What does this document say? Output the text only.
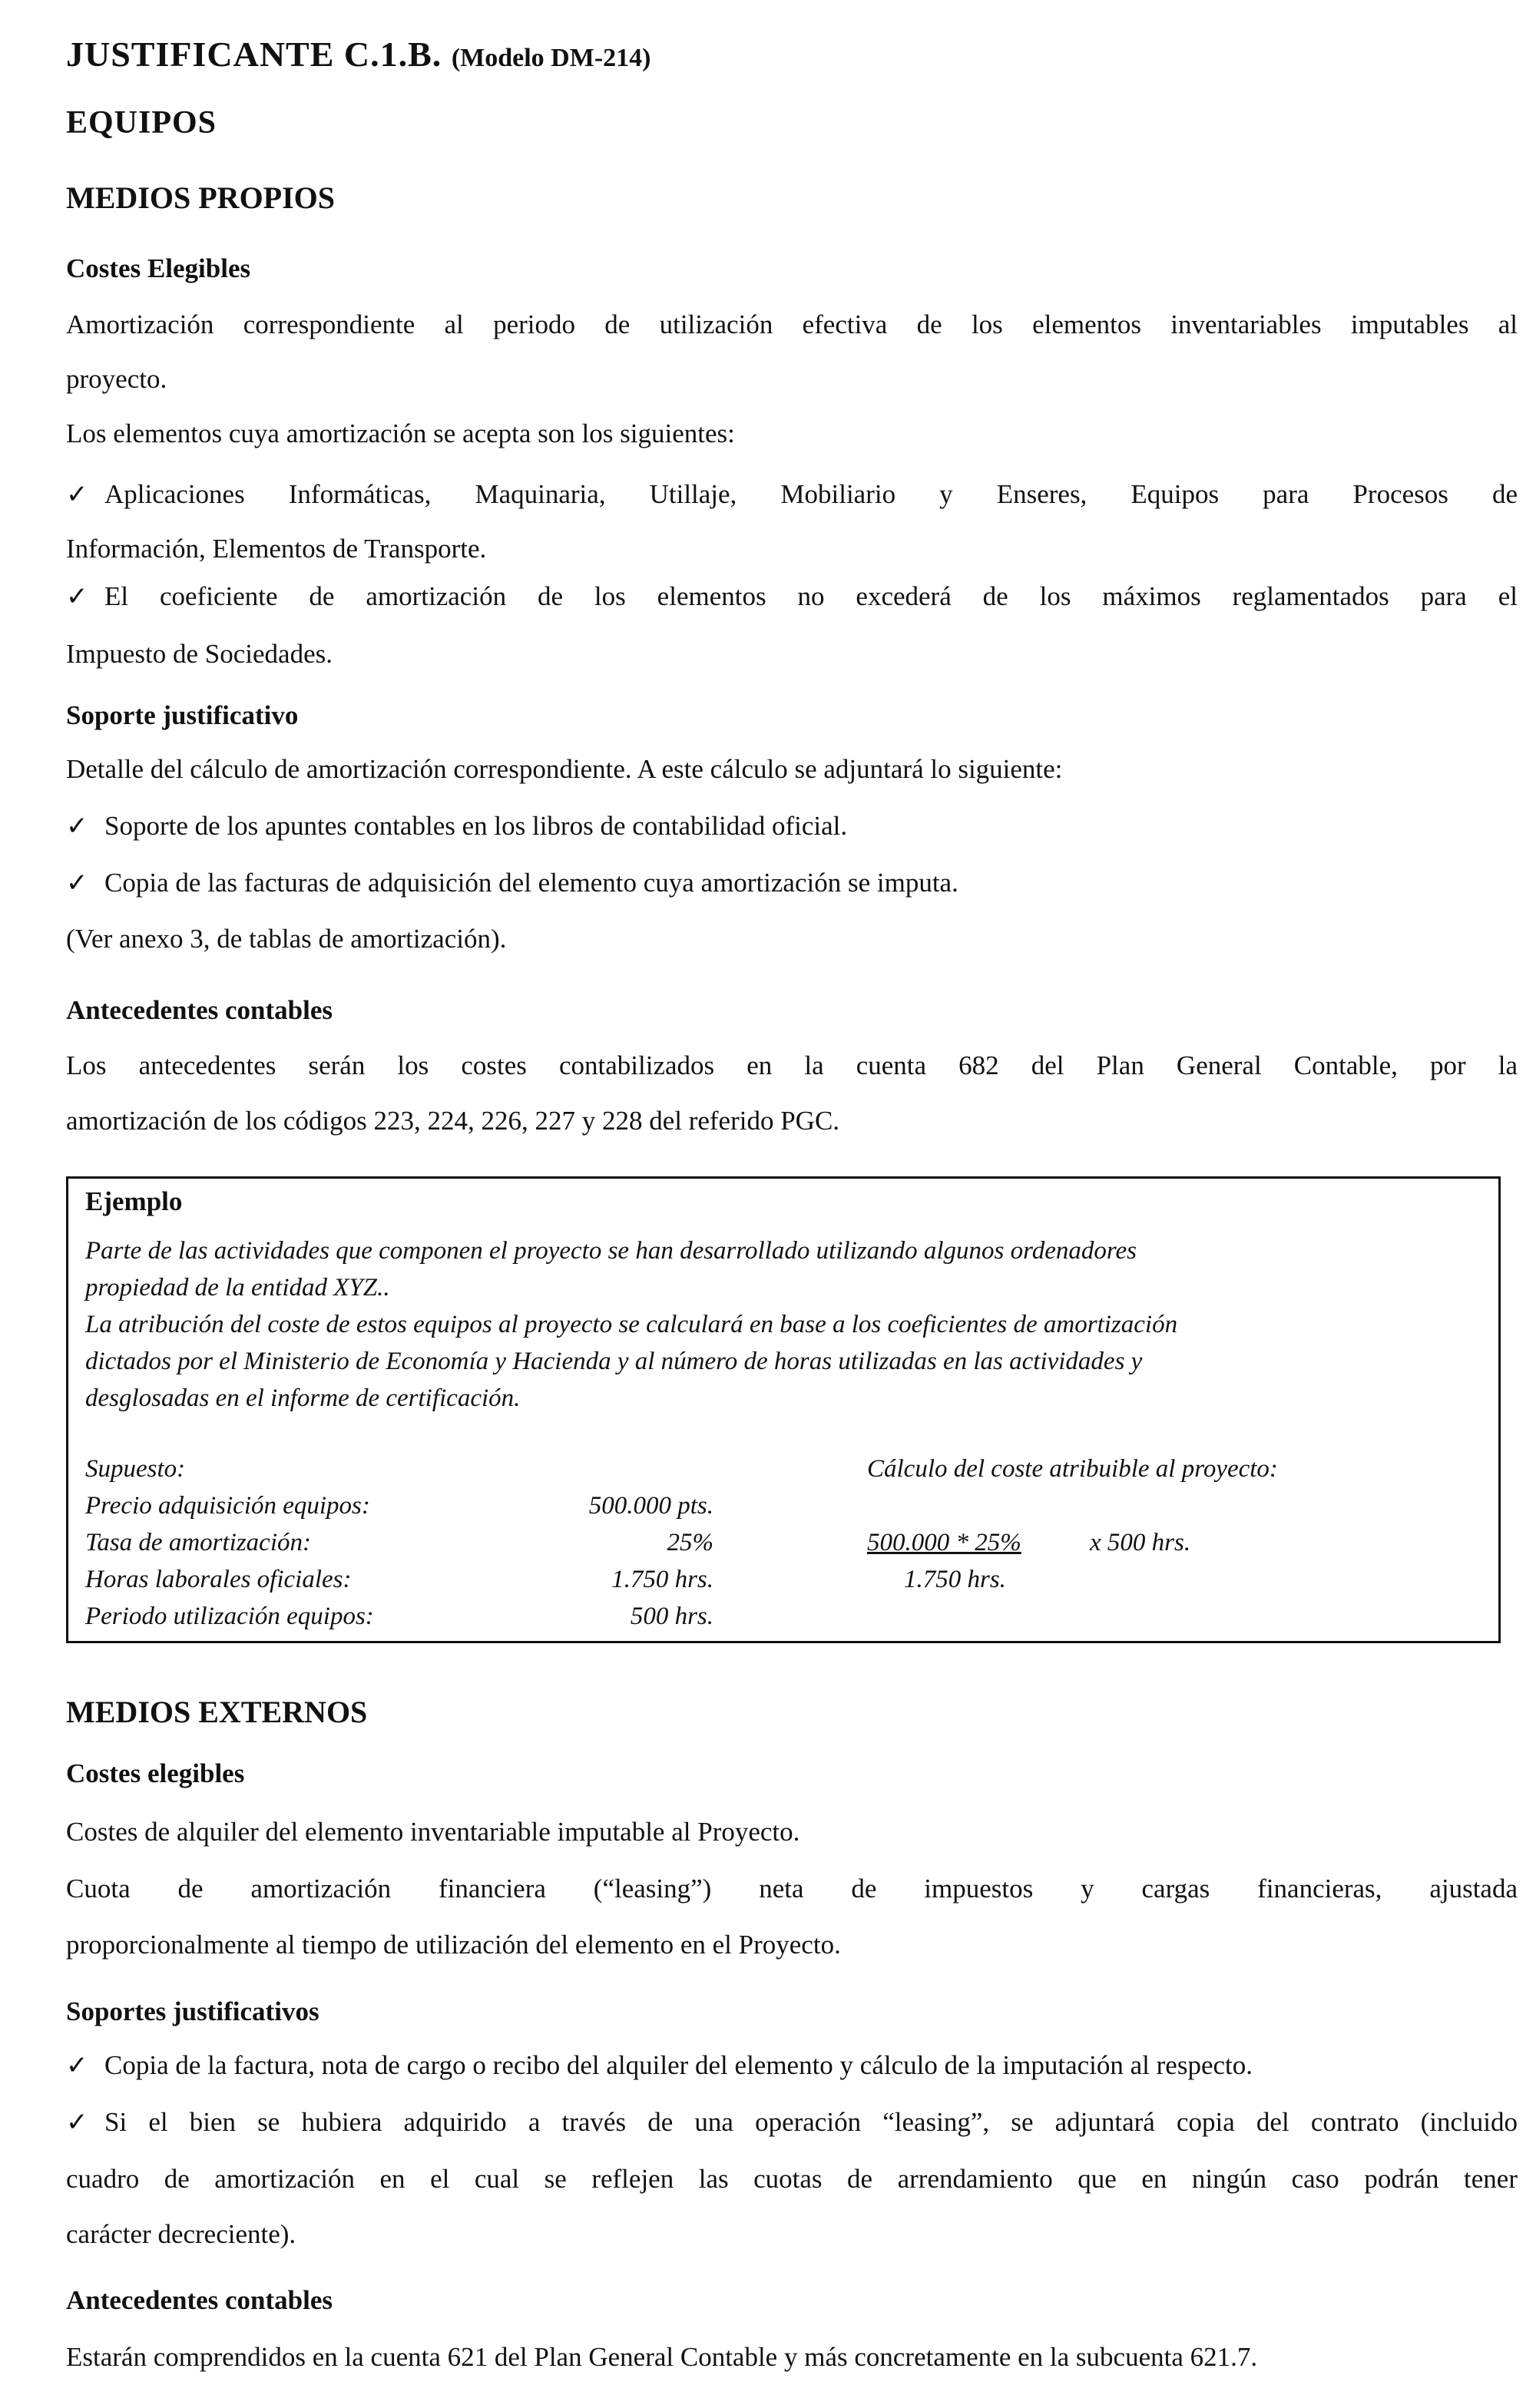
JUSTIFICANTE C.1.B. (Modelo DM-214)
EQUIPOS
MEDIOS PROPIOS
Costes Elegibles
Amortización correspondiente al periodo de utilización efectiva de los elementos inventariables imputables al
proyecto.
Los elementos cuya amortización se acepta son los siguientes:
✓ Aplicaciones Informáticas, Maquinaria, Utillaje, Mobiliario y Enseres, Equipos para Procesos de
Información, Elementos de Transporte.
✓ El coeficiente de amortización de los elementos no excederá de los máximos reglamentados para el
Impuesto de Sociedades.
Soporte justificativo
Detalle del cálculo de amortización correspondiente. A este cálculo se adjuntará lo siguiente:
✓ Soporte de los apuntes contables en los libros de contabilidad oficial.
✓ Copia de las facturas de adquisición del elemento cuya amortización se imputa.
(Ver anexo 3, de tablas de amortización).
Antecedentes contables
Los antecedentes serán los costes contabilizados en la cuenta 682 del Plan General Contable, por la
amortización de los códigos 223, 224, 226, 227 y 228 del referido PGC.
MEDIOS EXTERNOS
Costes elegibles
Costes de alquiler del elemento inventariable imputable al Proyecto.
Cuota de amortización financiera (“leasing”) neta de impuestos y cargas financieras, ajustada
proporcionalmente al tiempo de utilización del elemento en el Proyecto.
Soportes justificativos
✓ Copia de la factura, nota de cargo o recibo del alquiler del elemento y cálculo de la imputación al respecto.
✓ Si el bien se hubiera adquirido a través de una operación “leasing”, se adjuntará copia del contrato (incluido
cuadro de amortización en el cual se reflejen las cuotas de arrendamiento que en ningún caso podrán tener
carácter decreciente).
Antecedentes contables
Estarán comprendidos en la cuenta 621 del Plan General Contable y más concretamente en la subcuenta 621.7.
Ejemplo
Parte de las actividades que componen el proyecto se han desarrollado utilizando algunos ordenadores
propiedad de la entidad XYZ..
La atribución del coste de estos equipos al proyecto se calculará en base a los coeficientes de amortización
dictados por el Ministerio de Economía y Hacienda y al número de horas utilizadas en las actividades y
desglosadas en el informe de certificación.
Supuesto:
Precio adquisición equipos:	500.000 pts.
Tasa de amortización:	25%
Horas laborales oficiales:	1.750 hrs.
Periodo utilización equipos:	500 hrs.
Cálculo del coste atribuible al proyecto:
500.000 * 25%	x 500 hrs.
1.750 hrs.
